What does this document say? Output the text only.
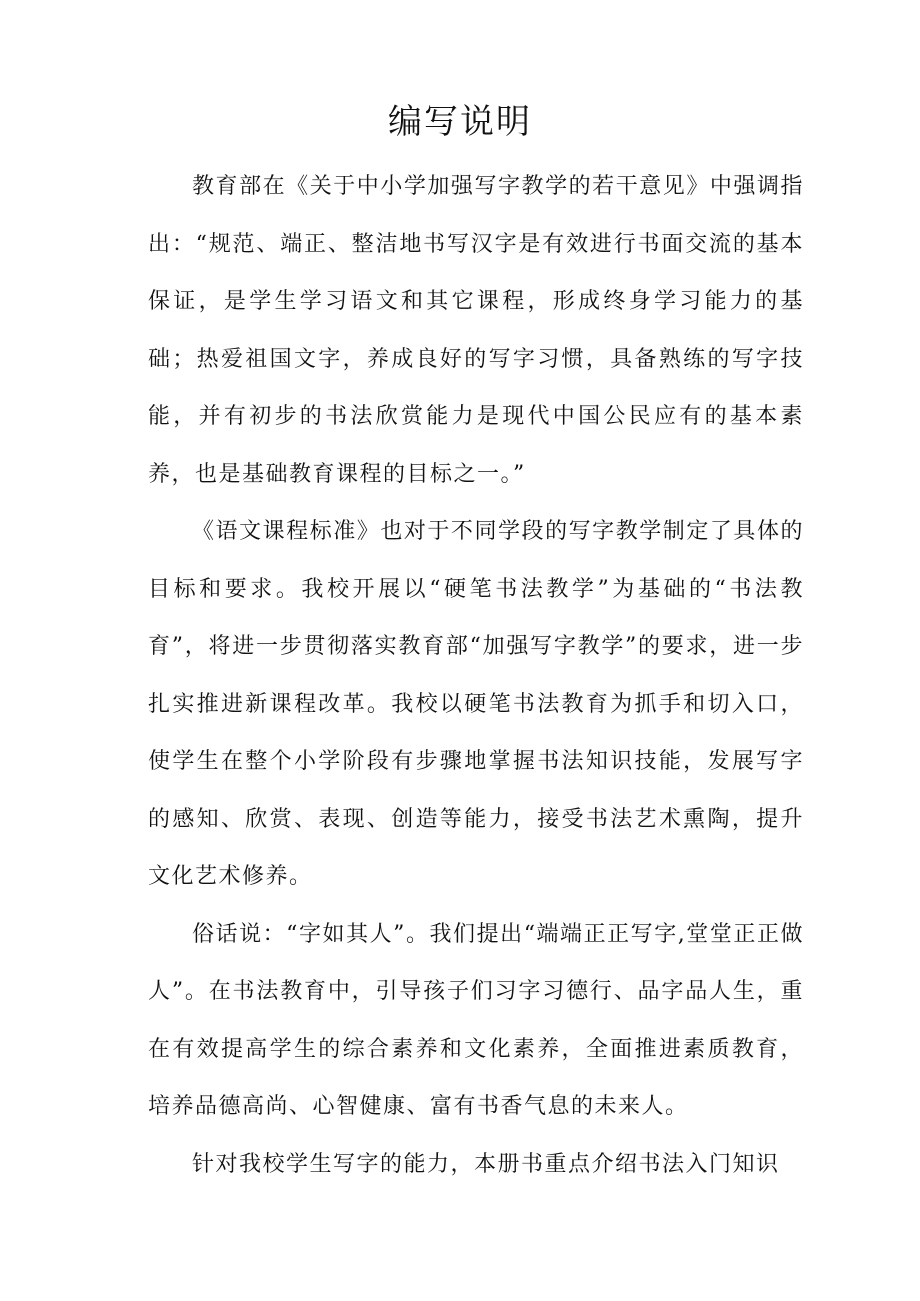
编写说明

教育部在《关于中小学加强写字教学的若干意见》中强调指出：“规范、端正、整洁地书写汉字是有效进行书面交流的基本保证，是学生学习语文和其它课程，形成终身学习能力的基础；热爱祖国文字，养成良好的写字习惯，具备熟练的写字技能，并有初步的书法欣赏能力是现代中国公民应有的基本素养，也是基础教育课程的目标之一。”

《语文课程标准》也对于不同学段的写字教学制定了具体的目标和要求。我校开展以“硬笔书法教学”为基础的“书法教育”，将进一步贯彻落实教育部“加强写字教学”的要求，进一步扎实推进新课程改革。我校以硬笔书法教育为抓手和切入口，使学生在整个小学阶段有步骤地掌握书法知识技能，发展写字的感知、欣赏、表现、创造等能力，接受书法艺术熏陶，提升文化艺术修养。

俗话说：“字如其人”。我们提出“端端正正写字,堂堂正正做人”。在书法教育中，引导孩子们习字习德行、品字品人生，重在有效提高学生的综合素养和文化素养，全面推进素质教育，培养品德高尚、心智健康、富有书香气息的未来人。

针对我校学生写字的能力，本册书重点介绍书法入门知识
